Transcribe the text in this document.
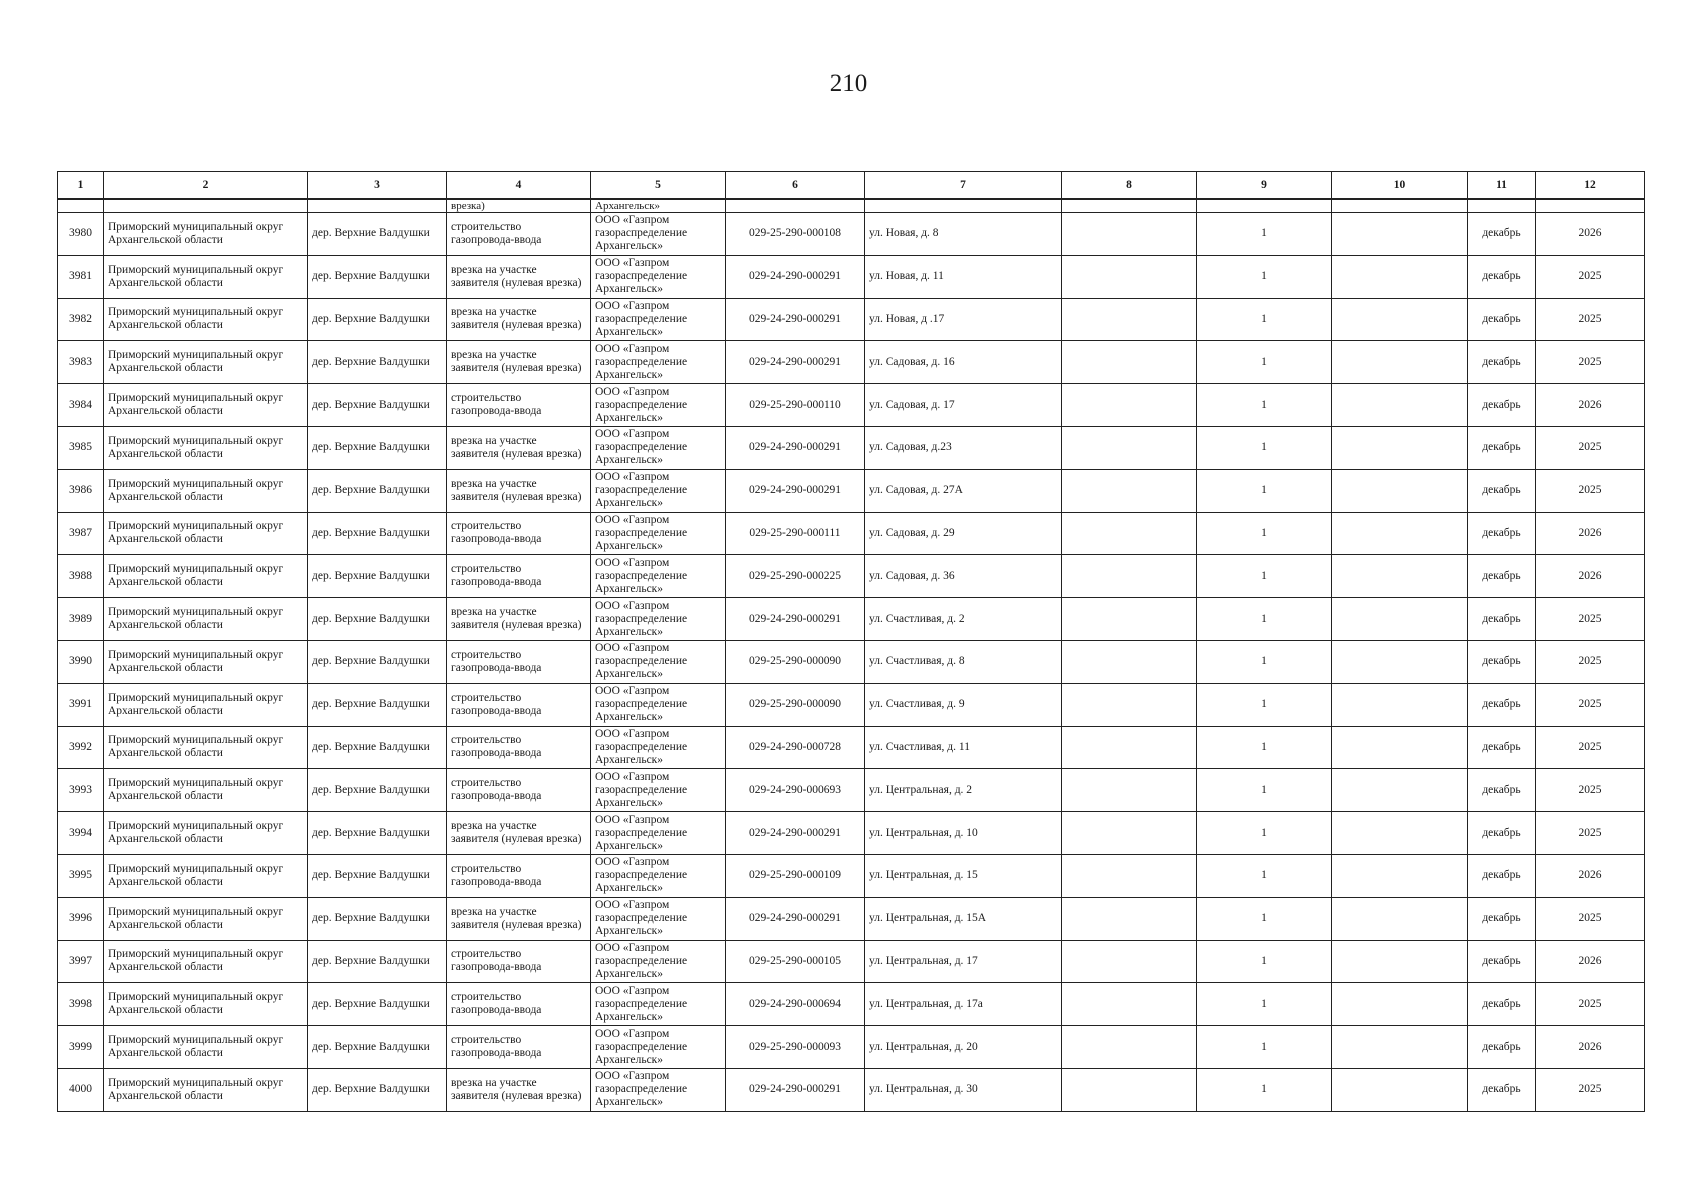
210
1	2	3	4	5	6	7	8	9	10	11	12
			врезка)	Архангельск»							
3980	Приморский муниципальный округ Архангельской области	дер. Верхние Валдушки	строительство газопровода-ввода	ООО «Газпром газораспределение Архангельск»	029-25-290-000108	ул. Новая, д. 8		1		декабрь	2026
3981	Приморский муниципальный округ Архангельской области	дер. Верхние Валдушки	врезка на участке заявителя (нулевая врезка)	ООО «Газпром газораспределение Архангельск»	029-24-290-000291	ул. Новая, д. 11		1		декабрь	2025
3982	Приморский муниципальный округ Архангельской области	дер. Верхние Валдушки	врезка на участке заявителя (нулевая врезка)	ООО «Газпром газораспределение Архангельск»	029-24-290-000291	ул. Новая, д .17		1		декабрь	2025
3983	Приморский муниципальный округ Архангельской области	дер. Верхние Валдушки	врезка на участке заявителя (нулевая врезка)	ООО «Газпром газораспределение Архангельск»	029-24-290-000291	ул. Садовая, д. 16		1		декабрь	2025
3984	Приморский муниципальный округ Архангельской области	дер. Верхние Валдушки	строительство газопровода-ввода	ООО «Газпром газораспределение Архангельск»	029-25-290-000110	ул. Садовая, д. 17		1		декабрь	2026
3985	Приморский муниципальный округ Архангельской области	дер. Верхние Валдушки	врезка на участке заявителя (нулевая врезка)	ООО «Газпром газораспределение Архангельск»	029-24-290-000291	ул. Садовая, д.23		1		декабрь	2025
3986	Приморский муниципальный округ Архангельской области	дер. Верхние Валдушки	врезка на участке заявителя (нулевая врезка)	ООО «Газпром газораспределение Архангельск»	029-24-290-000291	ул. Садовая, д. 27А		1		декабрь	2025
3987	Приморский муниципальный округ Архангельской области	дер. Верхние Валдушки	строительство газопровода-ввода	ООО «Газпром газораспределение Архангельск»	029-25-290-000111	ул. Садовая, д. 29		1		декабрь	2026
3988	Приморский муниципальный округ Архангельской области	дер. Верхние Валдушки	строительство газопровода-ввода	ООО «Газпром газораспределение Архангельск»	029-25-290-000225	ул. Садовая, д. 36		1		декабрь	2026
3989	Приморский муниципальный округ Архангельской области	дер. Верхние Валдушки	врезка на участке заявителя (нулевая врезка)	ООО «Газпром газораспределение Архангельск»	029-24-290-000291	ул. Счастливая, д. 2		1		декабрь	2025
3990	Приморский муниципальный округ Архангельской области	дер. Верхние Валдушки	строительство газопровода-ввода	ООО «Газпром газораспределение Архангельск»	029-25-290-000090	ул. Счастливая, д. 8		1		декабрь	2025
3991	Приморский муниципальный округ Архангельской области	дер. Верхние Валдушки	строительство газопровода-ввода	ООО «Газпром газораспределение Архангельск»	029-25-290-000090	ул. Счастливая, д. 9		1		декабрь	2025
3992	Приморский муниципальный округ Архангельской области	дер. Верхние Валдушки	строительство газопровода-ввода	ООО «Газпром газораспределение Архангельск»	029-24-290-000728	ул. Счастливая, д. 11		1		декабрь	2025
3993	Приморский муниципальный округ Архангельской области	дер. Верхние Валдушки	строительство газопровода-ввода	ООО «Газпром газораспределение Архангельск»	029-24-290-000693	ул. Центральная, д. 2		1		декабрь	2025
3994	Приморский муниципальный округ Архангельской области	дер. Верхние Валдушки	врезка на участке заявителя (нулевая врезка)	ООО «Газпром газораспределение Архангельск»	029-24-290-000291	ул. Центральная, д. 10		1		декабрь	2025
3995	Приморский муниципальный округ Архангельской области	дер. Верхние Валдушки	строительство газопровода-ввода	ООО «Газпром газораспределение Архангельск»	029-25-290-000109	ул. Центральная, д. 15		1		декабрь	2026
3996	Приморский муниципальный округ Архангельской области	дер. Верхние Валдушки	врезка на участке заявителя (нулевая врезка)	ООО «Газпром газораспределение Архангельск»	029-24-290-000291	ул. Центральная, д. 15А		1		декабрь	2025
3997	Приморский муниципальный округ Архангельской области	дер. Верхние Валдушки	строительство газопровода-ввода	ООО «Газпром газораспределение Архангельск»	029-25-290-000105	ул. Центральная, д. 17		1		декабрь	2026
3998	Приморский муниципальный округ Архангельской области	дер. Верхние Валдушки	строительство газопровода-ввода	ООО «Газпром газораспределение Архангельск»	029-24-290-000694	ул. Центральная, д. 17а		1		декабрь	2025
3999	Приморский муниципальный округ Архангельской области	дер. Верхние Валдушки	строительство газопровода-ввода	ООО «Газпром газораспределение Архангельск»	029-25-290-000093	ул. Центральная, д. 20		1		декабрь	2026
4000	Приморский муниципальный округ Архангельской области	дер. Верхние Валдушки	врезка на участке заявителя (нулевая врезка)	ООО «Газпром газораспределение Архангельск»	029-24-290-000291	ул. Центральная, д. 30		1		декабрь	2025
